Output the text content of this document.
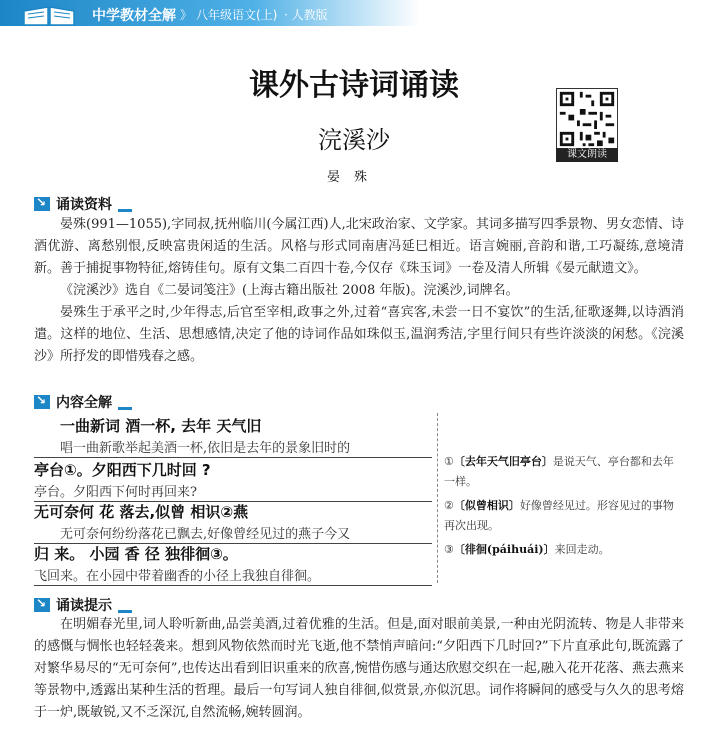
中学教材全解 》 八年级语文(上) · 人教版
课外古诗词诵读
浣溪沙
晏殊
课文朗读
↘
诵读资料

晏殊(991—1055),字同叔,抚州临川(今属江西)人,北宋政治家、文学家。其词多描写四季景物、男女恋情、诗酒优游、离愁别恨,反映富贵闲适的生活。风格与形式同南唐冯延巳相近。语言婉丽,音韵和谐,工巧凝练,意境清新。善于捕捉事物特征,熔铸佳句。原有文集二百四十卷,今仅存《珠玉词》一卷及清人所辑《晏元献遗文》。

《浣溪沙》选自《二晏词笺注》(上海古籍出版社 2008 年版)。浣溪沙,词牌名。

晏殊生于承平之时,少年得志,后官至宰相,政事之外,过着“喜宾客,未尝一日不宴饮”的生活,征歌逐舞,以诗酒消遣。这样的地位、生活、思想感情,决定了他的诗词作品如珠似玉,温润秀洁,字里行间只有些许淡淡的闲愁。《浣溪沙》所抒发的即惜残春之感。

↘
内容全解
一曲新词 酒一杯, 去年 天气旧
唱一曲新歌举起美酒一杯,依旧是去年的景象旧时的
亭台①。夕阳西下几时回 ?
亭台。夕阳西下何时再回来?
无可奈何 花 落去,似曾 相识②燕
无可奈何纷纷落花已飘去,好像曾经见过的燕子今又
归 来。 小园 香 径 独徘徊③。
飞回来。在小园中带着幽香的小径上我独自徘徊。
①〔去年天气旧亭台〕是说天气、亭台都和去年一样。
②〔似曾相识〕好像曾经见过。形容见过的事物再次出现。
③〔徘徊(páihuái)〕来回走动。
↘
诵读提示

在明媚春光里,词人聆听新曲,品尝美酒,过着优雅的生活。但是,面对眼前美景,一种由光阴流转、物是人非带来的感慨与惆怅也轻轻袭来。想到风物依然而时光飞逝,他不禁悄声暗问:“夕阳西下几时回?”下片直承此句,既流露了对繁华易尽的“无可奈何”,也传达出看到旧识重来的欣喜,惋惜伤感与通达欣慰交织在一起,融入花开花落、燕去燕来等景物中,透露出某种生活的哲理。最后一句写词人独自徘徊,似赏景,亦似沉思。词作将瞬间的感受与久久的思考熔于一炉,既敏锐,又不乏深沉,自然流畅,婉转圆润。
